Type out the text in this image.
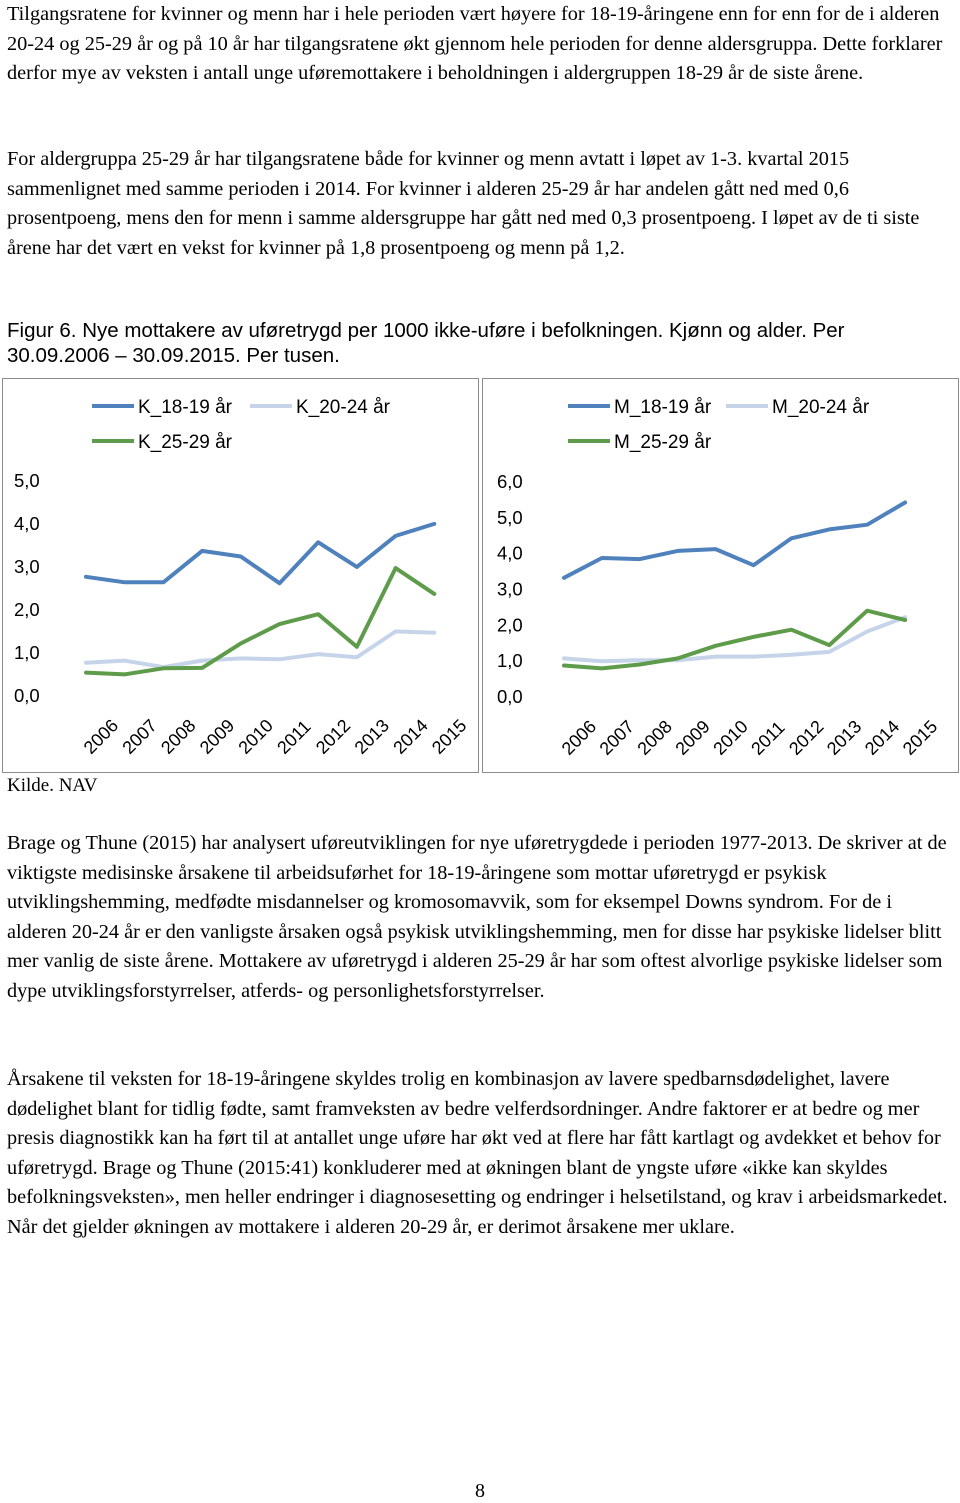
Tilgangsratene for kvinner og menn har i hele perioden vært høyere for 18-19-åringene enn for enn for de i alderen 20-24 og 25-29 år og på 10 år har tilgangsratene økt gjennom hele perioden for denne aldersgruppa. Dette forklarer derfor mye av veksten i antall unge uføremottakere i beholdningen i aldergruppen 18-29 år de siste årene.

For aldergruppa 25-29 år har tilgangsratene både for kvinner og menn avtatt i løpet av 1-3. kvartal 2015 sammenlignet med samme perioden i 2014. For kvinner i alderen 25-29 år har andelen gått ned med 0,6 prosentpoeng, mens den for menn i samme aldersgruppe har gått ned med 0,3 prosentpoeng. I løpet av de ti siste årene har det vært en vekst for kvinner på 1,8 prosentpoeng og menn på 1,2.

Figur 6. Nye mottakere av uføretrygd per 1000 ikke-uføre i befolkningen. Kjønn og alder. Per 30.09.2006 – 30.09.2015. Per tusen.

K_18-19 år	K_20-24 år
K_25-29 år
0,0
1,0
2,0
3,0
4,0
5,0
2006
2007
2008
2009
2010
2011
2012
2013
2014
2015
M_18-19 år	M_20-24 år
M_25-29 år
0,0
1,0
2,0
3,0
4,0
5,0
6,0
2006
2007
2008
2009
2010
2011
2012
2013
2014
2015

Kilde. NAV

Brage og Thune (2015) har analysert uføreutviklingen for nye uføretrygdede i perioden 1977-2013. De skriver at de viktigste medisinske årsakene til arbeidsuførhet for 18-19-åringene som mottar uføretrygd er psykisk utviklingshemming, medfødte misdannelser og kromosomavvik, som for eksempel Downs syndrom. For de i alderen 20-24 år er den vanligste årsaken også psykisk utviklingshemming, men for disse har psykiske lidelser blitt mer vanlig de siste årene. Mottakere av uføretrygd i alderen 25-29 år har som oftest alvorlige psykiske lidelser som dype utviklingsforstyrrelser, atferds- og personlighetsforstyrrelser.

Årsakene til veksten for 18-19-åringene skyldes trolig en kombinasjon av lavere spedbarnsdødelighet, lavere dødelighet blant for tidlig fødte, samt framveksten av bedre velferdsordninger. Andre faktorer er at bedre og mer presis diagnostikk kan ha ført til at antallet unge uføre har økt ved at flere har fått kartlagt og avdekket et behov for uføretrygd. Brage og Thune (2015:41) konkluderer med at økningen blant de yngste uføre «ikke kan skyldes befolkningsveksten», men heller endringer i diagnosesetting og endringer i helsetilstand, og krav i arbeidsmarkedet. Når det gjelder økningen av mottakere i alderen 20-29 år, er derimot årsakene mer uklare.

8
